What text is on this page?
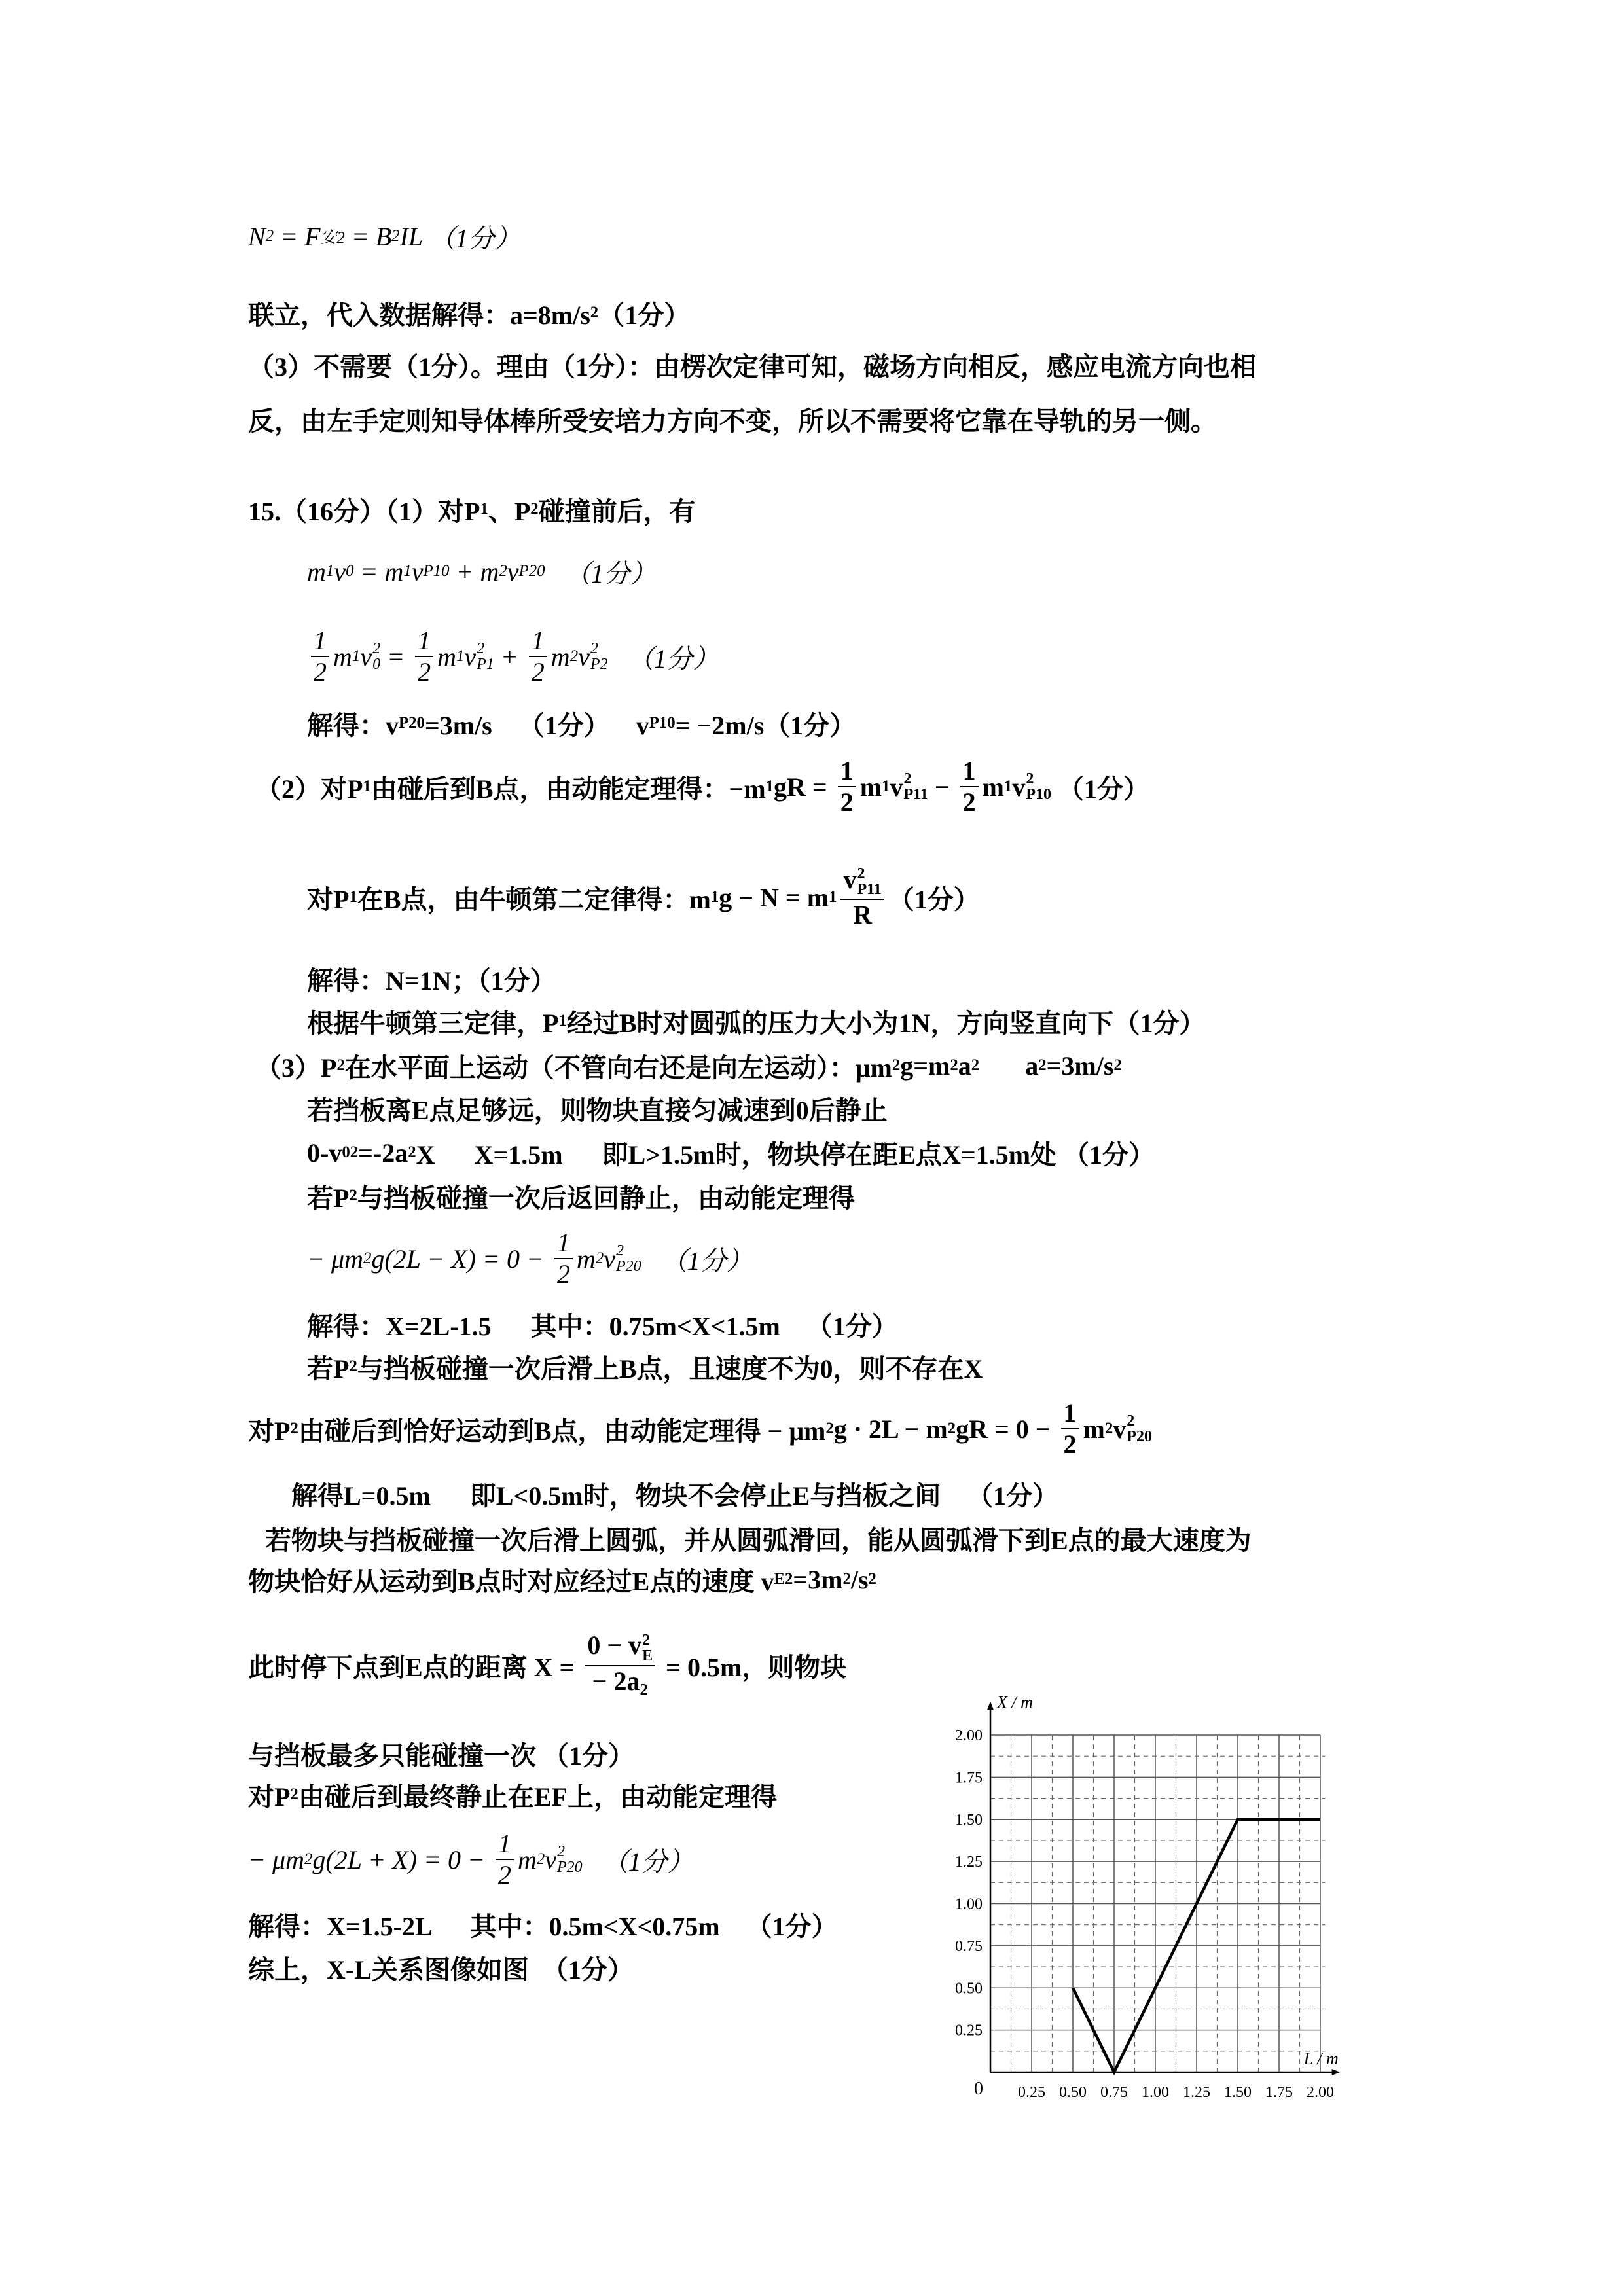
N 2 = F 安2 = B 2 IL （1分）
联立，代入数据解得：a=8m/s 2 （1分）
（3）不需要（1分）。理由（1分）：由楞次定律可知，磁场方向相反，感应电流方向也相
反，由左手定则知导体棒所受安培力方向不变，所以不需要将它靠在导轨的另一侧。
15.（16分）（1）对P 1 、P 2 碰撞前后，有
m 1 v 0 = m 1 v P10 + m 2 v P20 （1分）
$\frac{1}{2}$ m 1 v 2
$0 = \frac{1}{2}$ m 1 v 2
$P1 + \frac{1}{2}$ m 2 v 2
P2 （1分）
解得：v P20 =3m/s    （1分）    v P10 = −2m/s（1分）
（2）对P 1 由碰后到B点，由动能定理得：−m 1 gR = $\frac{1}{2}$ m 1 v 2
$P11 - \frac{1}{2}$ m 1 v 2
P10 （1分）
对P 1 在B点，由牛顿第二定律得：m 1 g − N = m 1 v 2
P11
R （1分）
解得：N=1N；（1分）
根据牛顿第三定律，P 1 经过B时对圆弧的压力大小为1N，方向竖直向下（1分）
（3）P 2 在水平面上运动（不管向右还是向左运动）：μm 2 g=m 2 a 2 a 2 =3m/s 2
若挡板离E点足够远，则物块直接匀减速到0后静止
0-v 0 2 =-2a 2 X      X=1.5m      即L>1.5m时，物块停在距E点X=1.5m处 （1分）
若P 2 与挡板碰撞一次后返回静止，由动能定理得
− μm 2 $g(2L - X) = 0 - \frac{1}{2}$ m 2 v 2
P20 （1分）
解得：X=2L-1.5      其中：0.75m<X<1.5m    （1分）
若P 2 与挡板碰撞一次后滑上B点，且速度不为0，则不存在X
对P 2 由碰后到恰好运动到B点，由动能定理得 − μm 2 g · 2L − m 2 gR = $0 - \frac{1}{2}$ m 2 v 2
P20
解得L=0.5m      即L<0.5m时，物块不会停止E与挡板之间    （1分）
若物块与挡板碰撞一次后滑上圆弧，并从圆弧滑回，能从圆弧滑下到E点的最大速度为
物块恰好从运动到B点时对应经过E点的速度 v E 2 =3m 2 /s 2
此时停下点到E点的距离 X = 0 − v 2
E
− $2a_2 = 0.5m$，则物块
与挡板最多只能碰撞一次 （1分）
对P 2 由碰后到最终静止在EF上，由动能定理得
− μm 2 $g(2L + X) = 0 - \frac{1}{2}$ m 2 v 2
P20 （1分）
解得：X=1.5-2L      其中：0.5m<X<0.75m    （1分）
综上，X-L关系图像如图  （1分）
0.25 0.50 0.75 1.00 1.25 1.50 1.75 2.00
0.25
0.50
0.75
1.00
1.25
1.50
1.75
2.00
0
X / m
L / m
